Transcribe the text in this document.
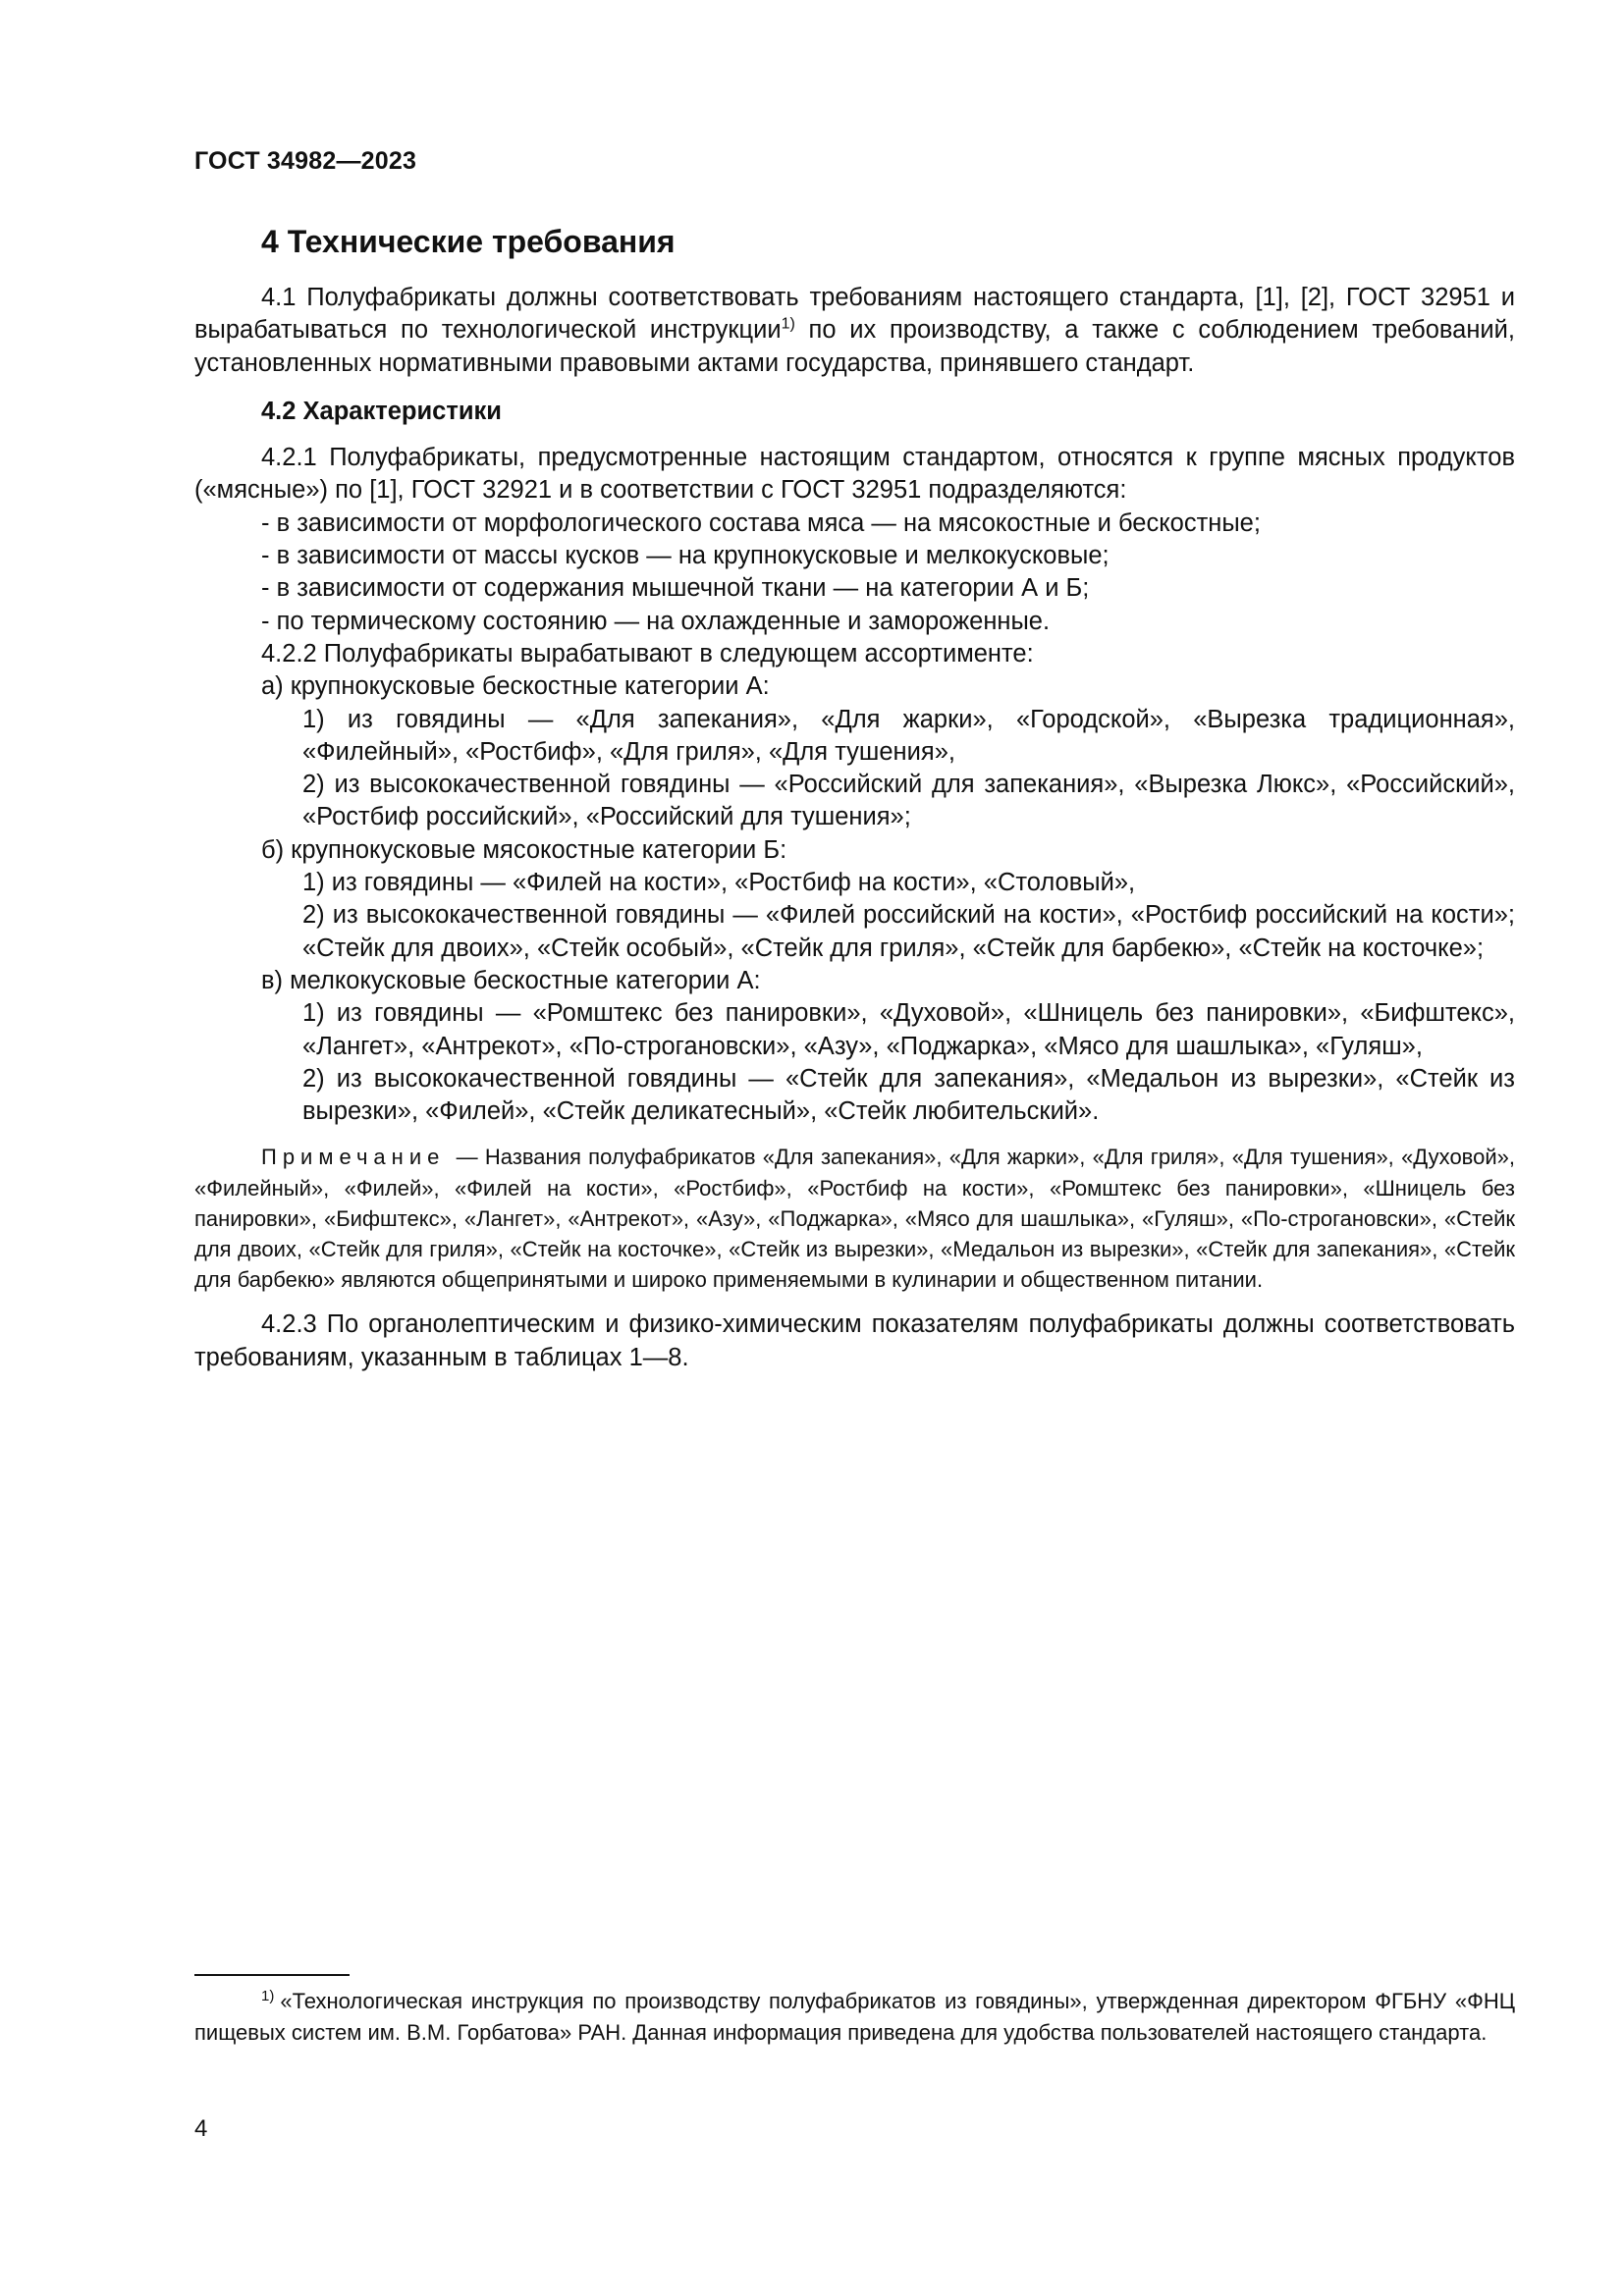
ГОСТ 34982—2023
4 Технические требования

4.1 Полуфабрикаты должны соответствовать требованиям настоящего стандарта, [1], [2], ГОСТ 32951 и вырабатываться по технологической инструкции$^{1)}$ по их производству, а также с соблюдением требований, установленных нормативными правовыми актами государства, принявшего стандарт.

4.2 Характеристики

4.2.1 Полуфабрикаты, предусмотренные настоящим стандартом, относятся к группе мясных продуктов («мясные») по [1], ГОСТ 32921 и в соответствии с ГОСТ 32951 подразделяются:

- в зависимости от морфологического состава мяса — на мясокостные и бескостные;

- в зависимости от массы кусков — на крупнокусковые и мелкокусковые;

- в зависимости от содержания мышечной ткани — на категории А и Б;

- по термическому состоянию — на охлажденные и замороженные.

4.2.2 Полуфабрикаты вырабатывают в следующем ассортименте:

а) крупнокусковые бескостные категории А:

1) из говядины — «Для запекания», «Для жарки», «Городской», «Вырезка традиционная», «Филейный», «Ростбиф», «Для гриля», «Для тушения»,

2) из высококачественной говядины — «Российский для запекания», «Вырезка Люкс», «Российский», «Ростбиф российский», «Российский для тушения»;

б) крупнокусковые мясокостные категории Б:

1) из говядины — «Филей на кости», «Ростбиф на кости», «Столовый»,

2) из высококачественной говядины — «Филей российский на кости», «Ростбиф российский на кости»; «Стейк для двоих», «Стейк особый», «Стейк для гриля», «Стейк для барбекю», «Стейк на косточке»;

в) мелкокусковые бескостные категории А:

1) из говядины — «Ромштекс без панировки», «Духовой», «Шницель без панировки», «Бифштекс», «Лангет», «Антрекот», «По-строгановски», «Азу», «Поджарка», «Мясо для шашлыка», «Гуляш»,

2) из высококачественной говядины — «Стейк для запекания», «Медальон из вырезки», «Стейк из вырезки», «Филей», «Стейк деликатесный», «Стейк любительский».

Примечание — Названия полуфабрикатов «Для запекания», «Для жарки», «Для гриля», «Для тушения», «Духовой», «Филейный», «Филей», «Филей на кости», «Ростбиф», «Ростбиф на кости», «Ромштекс без панировки», «Шницель без панировки», «Бифштекс», «Лангет», «Антрекот», «Азу», «Поджарка», «Мясо для шашлыка», «Гуляш», «По-строгановски», «Стейк для двоих, «Стейк для гриля», «Стейк на косточке», «Стейк из вырезки», «Медальон из вырезки», «Стейк для запекания», «Стейк для барбекю» являются общепринятыми и широко применяемыми в кулинарии и общественном питании.

4.2.3 По органолептическим и физико-химическим показателям полуфабрикаты должны соответствовать требованиям, указанным в таблицах 1—8.

$^{1)}$ «Технологическая инструкция по производству полуфабрикатов из говядины», утвержденная директором ФГБНУ «ФНЦ пищевых систем им. В.М. Горбатова» РАН. Данная информация приведена для удобства пользователей настоящего стандарта.
4
